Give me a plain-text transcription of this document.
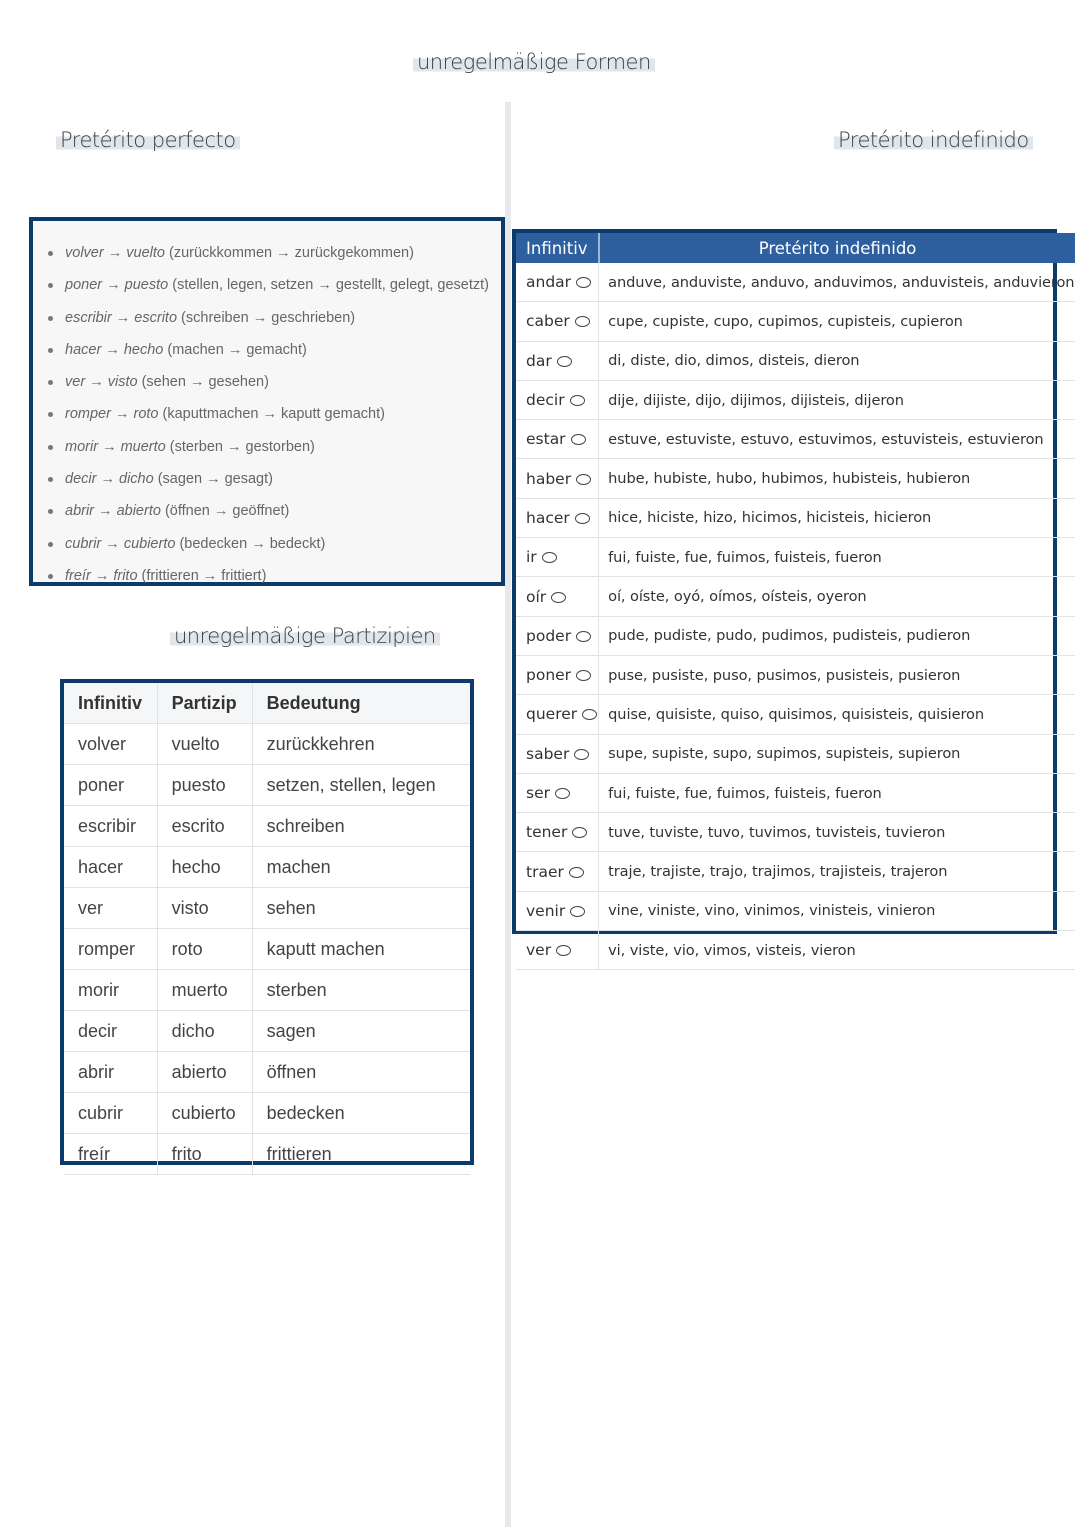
unregelmäßige Formen
Pretérito perfecto	Pretérito indefinido
unregelmäßige Partizipien
volver → vuelto (zurückkommen → zurückgekommen)
poner → puesto (stellen, legen, setzen → gestellt, gelegt, gesetzt)
escribir → escrito (schreiben → geschrieben)
hacer → hecho (machen → gemacht)
ver → visto (sehen → gesehen)
romper → roto (kaputtmachen → kaputt gemacht)
morir → muerto (sterben → gestorben)
decir → dicho (sagen → gesagt)
abrir → abierto (öffnen → geöffnet)
cubrir → cubierto (bedecken → bedeckt)
freír → frito (frittieren → frittiert)
Infinitiv	Partizip	Bedeutung
volver	vuelto	zurückkehren
poner	puesto	setzen, stellen, legen
escribir	escrito	schreiben
hacer	hecho	machen
ver	visto	sehen
romper	roto	kaputt machen
morir	muerto	sterben
decir	dicho	sagen
abrir	abierto	öffnen
cubrir	cubierto	bedecken
freír	frito	frittieren
Infinitiv	Pretérito indefinido
andar	anduve, anduviste, anduvo, anduvimos, anduvisteis, anduvieron
caber	cupe, cupiste, cupo, cupimos, cupisteis, cupieron
dar	di, diste, dio, dimos, disteis, dieron
decir	dije, dijiste, dijo, dijimos, dijisteis, dijeron
estar	estuve, estuviste, estuvo, estuvimos, estuvisteis, estuvieron
haber	hube, hubiste, hubo, hubimos, hubisteis, hubieron
hacer	hice, hiciste, hizo, hicimos, hicisteis, hicieron
ir	fui, fuiste, fue, fuimos, fuisteis, fueron
oír	oí, oíste, oyó, oímos, oísteis, oyeron
poder	pude, pudiste, pudo, pudimos, pudisteis, pudieron
poner	puse, pusiste, puso, pusimos, pusisteis, pusieron
querer	quise, quisiste, quiso, quisimos, quisisteis, quisieron
saber	supe, supiste, supo, supimos, supisteis, supieron
ser	fui, fuiste, fue, fuimos, fuisteis, fueron
tener	tuve, tuviste, tuvo, tuvimos, tuvisteis, tuvieron
traer	traje, trajiste, trajo, trajimos, trajisteis, trajeron
venir	vine, viniste, vino, vinimos, vinisteis, vinieron
ver	vi, viste, vio, vimos, visteis, vieron
